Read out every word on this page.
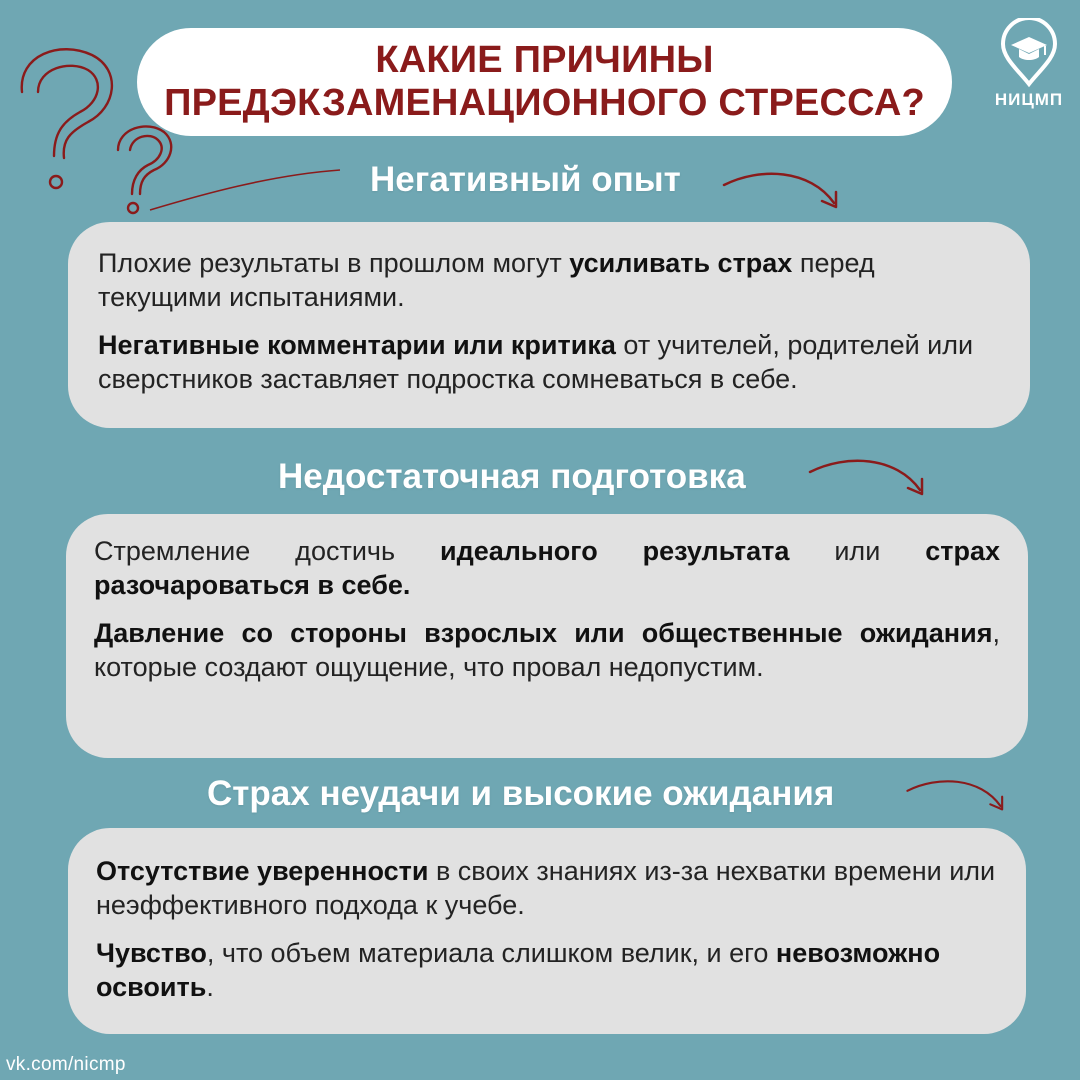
КАКИЕ ПРИЧИНЫ
ПРЕДЭКЗАМЕНАЦИОННОГО СТРЕССА?	НИЦМП
Негативный опыт

Плохие результаты в прошлом могут усиливать страх перед текущими испытаниями.

Негативные комментарии или критика от учителей, родителей или сверстников заставляет подростка сомневаться в себе.

Недостаточная подготовка

Стремление достичь идеального результата или страх разочароваться в себе.

Давление со стороны взрослых или общественные ожидания, которые создают ощущение, что провал недопустим.

Страх неудачи и высокие ожидания

Отсутствие уверенности в своих знаниях из-за нехватки времени или неэффективного подхода к учебе.

Чувство, что объем материала слишком велик, и его невозможно освоить.

vk.com/nicmp
